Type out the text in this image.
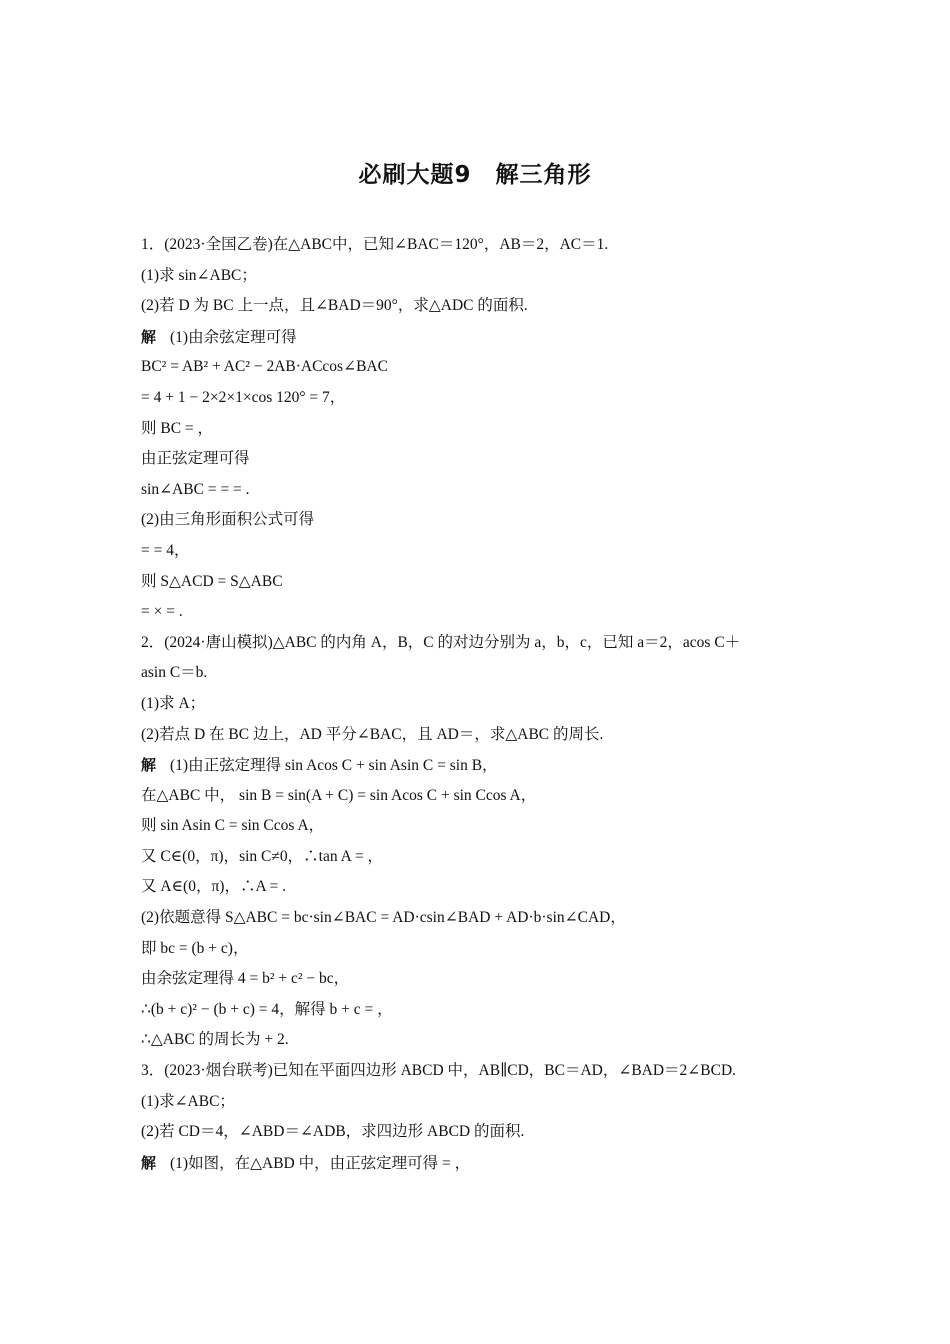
必刷大题9　解三角形
1．(2023·全国乙卷)在△ABC中，已知∠BAC＝120°，AB＝2，AC＝1.
(1)求 sin∠ABC；
(2)若 D 为 BC 上一点，且∠BAD＝90°，求△ADC 的面积.
解 (1)由余弦定理可得
BC² = AB² + AC² − 2AB·ACcos∠BAC
= 4 + 1 − 2×2×1×cos 120° = 7，
则 BC = ，
由正弦定理可得
sin∠ABC = = = .
(2)由三角形面积公式可得
= = 4，
则 S△ACD = S△ABC
= × = .
2．(2024·唐山模拟)△ABC 的内角 A，B，C 的对边分别为 a，b，c，已知 a＝2，acos C＋
asin C＝b.
(1)求 A；
(2)若点 D 在 BC 边上，AD 平分∠BAC，且 AD＝，求△ABC 的周长.
解 (1)由正弦定理得 sin Acos C + sin Asin C = sin B，
在△ABC 中， sin B = sin(A + C) = sin Acos C + sin Ccos A，
则 sin Asin C = sin Ccos A，
又 C∈(0，π)，sin C≠0，∴tan A = ，
又 A∈(0，π)，∴A = .
(2)依题意得 S△ABC = bc·sin∠BAC = AD·csin∠BAD + AD·b·sin∠CAD，
即 bc = (b + c)，
由余弦定理得 4 = b² + c² − bc，
∴(b + c)² − (b + c) = 4，解得 b + c = ，
∴△ABC 的周长为 + 2.
3．(2023·烟台联考)已知在平面四边形 ABCD 中，AB∥CD，BC＝AD，∠BAD＝2∠BCD.
(1)求∠ABC；
(2)若 CD＝4，∠ABD＝∠ADB，求四边形 ABCD 的面积.
解 (1)如图，在△ABD 中，由正弦定理可得 = ，
